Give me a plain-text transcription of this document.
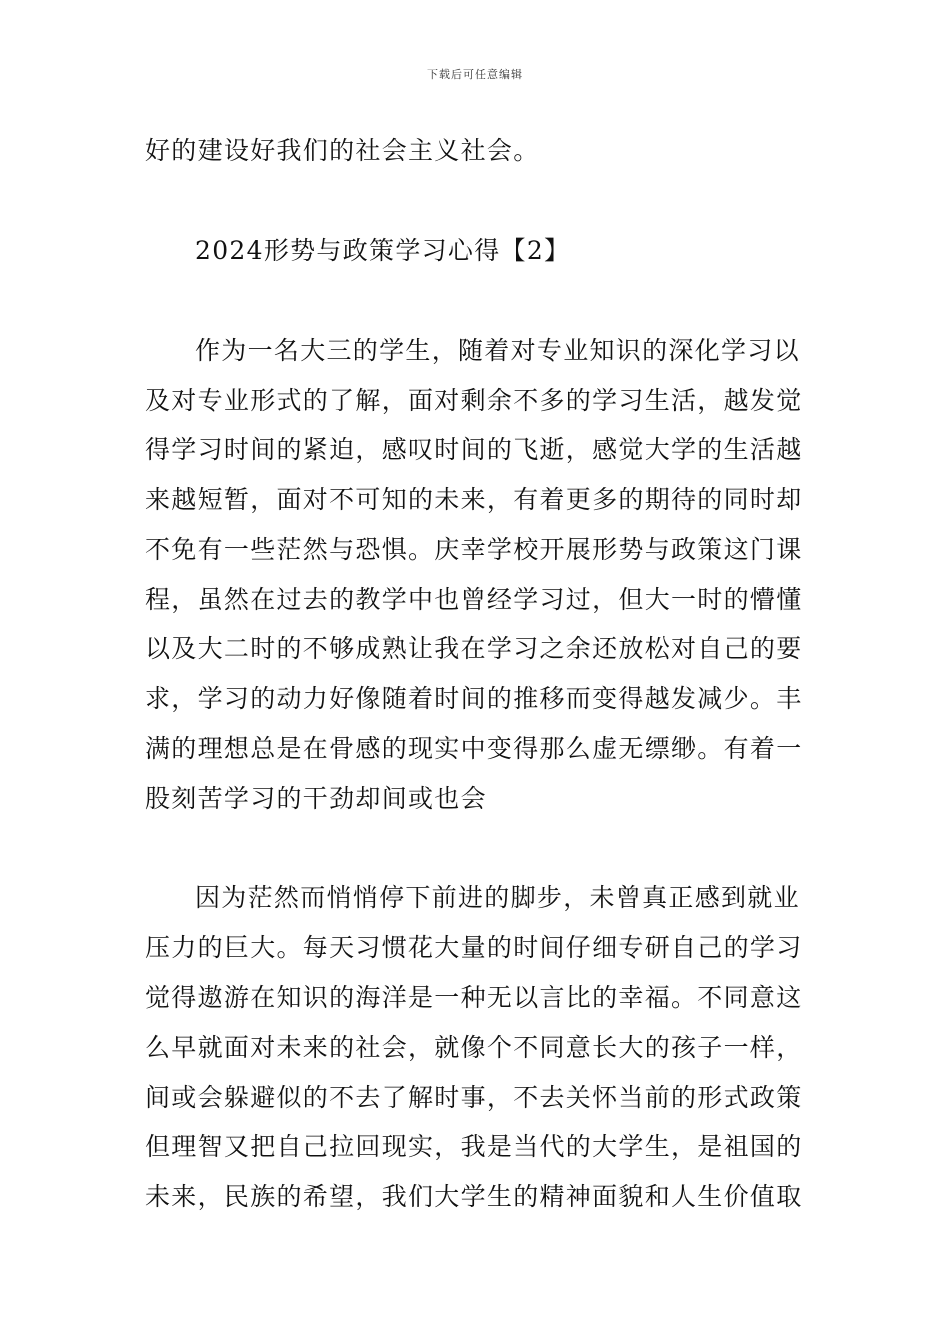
下载后可任意编辑
好的建设好我们的社会主义社会。
2024形势与政策学习心得【2】
作为一名大三的学生，随着对专业知识的深化学习以
及对专业形式的了解，面对剩余不多的学习生活，越发觉
得学习时间的紧迫，感叹时间的飞逝，感觉大学的生活越
来越短暂，面对不可知的未来，有着更多的期待的同时却
不免有一些茫然与恐惧。庆幸学校开展形势与政策这门课
程，虽然在过去的教学中也曾经学习过，但大一时的懵懂
以及大二时的不够成熟让我在学习之余还放松对自己的要
求，学习的动力好像随着时间的推移而变得越发减少。丰
满的理想总是在骨感的现实中变得那么虚无缥缈。有着一
股刻苦学习的干劲却间或也会
因为茫然而悄悄停下前进的脚步，未曾真正感到就业
压力的巨大。每天习惯花大量的时间仔细专研自己的学习
觉得遨游在知识的海洋是一种无以言比的幸福。不同意这
么早就面对未来的社会，就像个不同意长大的孩子一样，
间或会躲避似的不去了解时事，不去关怀当前的形式政策
但理智又把自己拉回现实，我是当代的大学生，是祖国的
未来，民族的希望，我们大学生的精神面貌和人生价值取
